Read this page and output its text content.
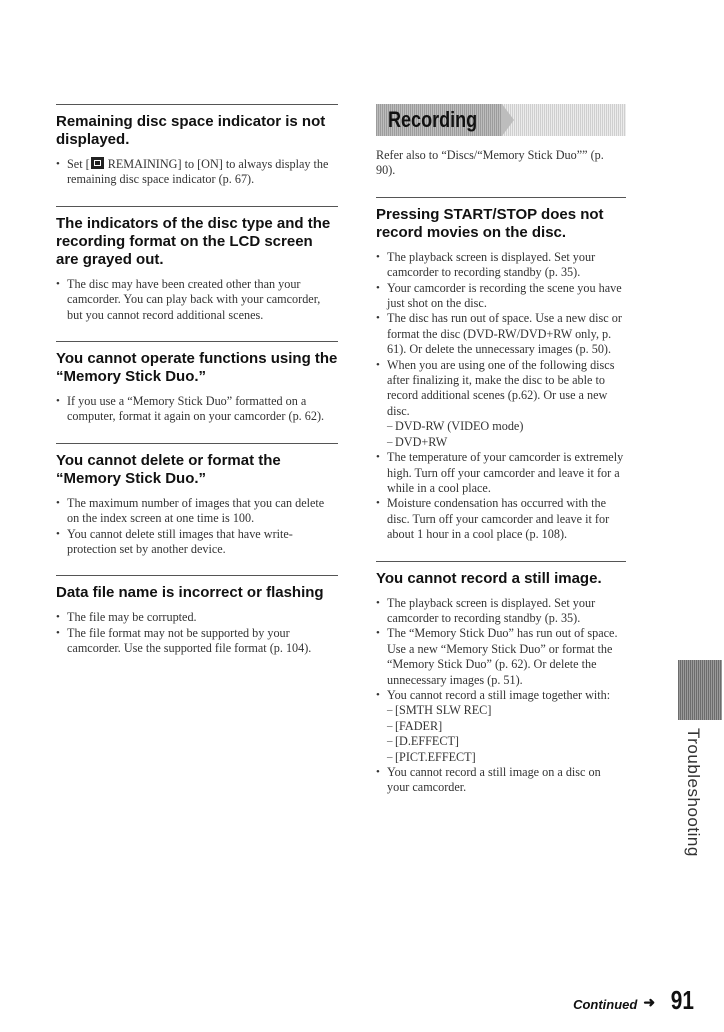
Remaining disc space indicator is not displayed.
• Set [ REMAINING] to [ON] to always display the remaining disc space indicator (p. 67).
The indicators of the disc type and the recording format on the LCD screen are grayed out.
• The disc may have been created other than your camcorder. You can play back with your camcorder, but you cannot record additional scenes.
You cannot operate functions using the “Memory Stick Duo.”
• If you use a “Memory Stick Duo” formatted on a computer, format it again on your camcorder (p. 62).
You cannot delete or format the “Memory Stick Duo.”
• The maximum number of images that you can delete on the index screen at one time is 100.
• You cannot delete still images that have write-protection set by another device.
Data file name is incorrect or flashing
• The file may be corrupted.
• The file format may not be supported by your camcorder. Use the supported file format (p. 104).
Recording

Refer also to “Discs/“Memory Stick Duo”” (p. 90).

Pressing START/STOP does not record movies on the disc.
• The playback screen is displayed. Set your camcorder to recording standby (p. 35).
• Your camcorder is recording the scene you have just shot on the disc.
• The disc has run out of space. Use a new disc or format the disc (DVD-RW/DVD+RW only, p. 61). Or delete the unnecessary images (p. 50).
• When you are using one of the following discs after finalizing it, make the disc to be able to record additional scenes (p.62). Or use a new disc.
– DVD-RW (VIDEO mode)
– DVD+RW
• The temperature of your camcorder is extremely high. Turn off your camcorder and leave it for a while in a cool place.
• Moisture condensation has occurred with the disc. Turn off your camcorder and leave it for about 1 hour in a cool place (p. 108).
You cannot record a still image.
• The playback screen is displayed. Set your camcorder to recording standby (p. 35).
• The “Memory Stick Duo” has run out of space. Use a new “Memory Stick Duo” or format the “Memory Stick Duo” (p. 62). Or delete the unnecessary images (p. 51).
• You cannot record a still image together with:
– [SMTH SLW REC]
– [FADER]
– [D.EFFECT]
– [PICT.EFFECT]
• You cannot record a still image on a disc on your camcorder.	Troubleshooting
Continued ➜ 91
